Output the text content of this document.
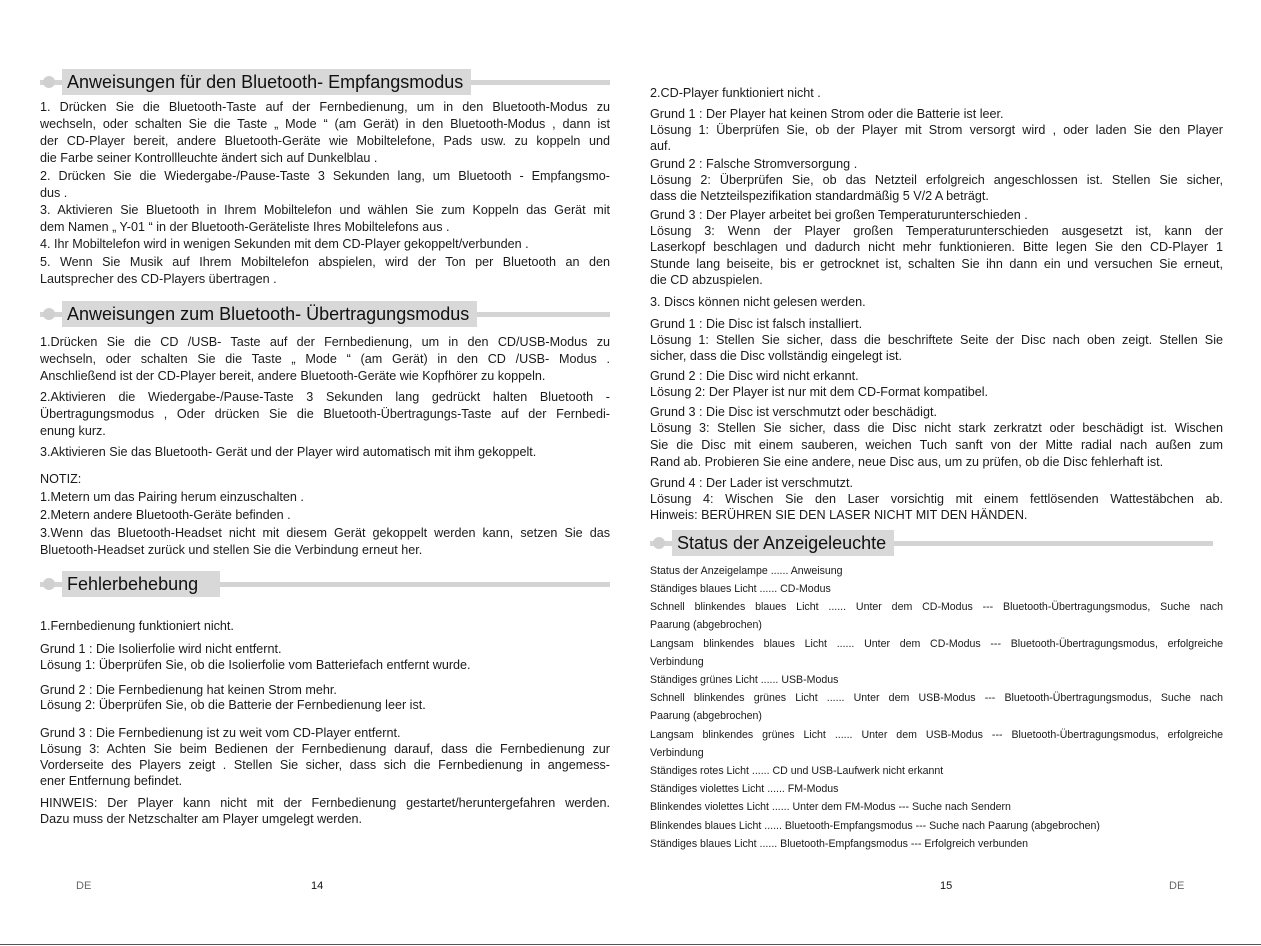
Anweisungen für den Bluetooth- Empfangsmodus

1. Drücken Sie die Bluetooth-Taste auf der Fernbedienung, um in den Bluetooth-Modus zu

wechseln, oder schalten Sie die Taste „ Mode “ (am Gerät) in den Bluetooth-Modus , dann ist

der CD-Player bereit, andere Bluetooth-Geräte wie Mobiltelefone, Pads usw. zu koppeln und

die Farbe seiner Kontrollleuchte ändert sich auf Dunkelblau .

2. Drücken Sie die Wiedergabe-/Pause-Taste 3 Sekunden lang, um Bluetooth - Empfangsmo-

dus .

3. Aktivieren Sie Bluetooth in Ihrem Mobiltelefon und wählen Sie zum Koppeln das Gerät mit

dem Namen „ Y-01 “ in der Bluetooth-Geräteliste Ihres Mobiltelefons aus .

4. Ihr Mobiltelefon wird in wenigen Sekunden mit dem CD-Player gekoppelt/verbunden .

5. Wenn Sie Musik auf Ihrem Mobiltelefon abspielen, wird der Ton per Bluetooth an den

Lautsprecher des CD-Players übertragen .

Anweisungen zum Bluetooth- Übertragungsmodus

1.Drücken Sie die CD /USB- Taste auf der Fernbedienung, um in den CD/USB-Modus zu

wechseln, oder schalten Sie die Taste „ Mode “ (am Gerät) in den CD /USB- Modus .

Anschließend ist der CD-Player bereit, andere Bluetooth-Geräte wie Kopfhörer zu koppeln.

2.Aktivieren die Wiedergabe-/Pause-Taste 3 Sekunden lang gedrückt halten Bluetooth -

Übertragungsmodus , Oder drücken Sie die Bluetooth-Übertragungs-Taste auf der Fernbedi-

enung kurz.

3.Aktivieren Sie das Bluetooth- Gerät und der Player wird automatisch mit ihm gekoppelt.

NOTIZ:

1.Metern um das Pairing herum einzuschalten .

2.Metern andere Bluetooth-Geräte befinden .

3.Wenn das Bluetooth-Headset nicht mit diesem Gerät gekoppelt werden kann, setzen Sie das

Bluetooth-Headset zurück und stellen Sie die Verbindung erneut her.

Fehlerbehebung

1.Fernbedienung funktioniert nicht.

Grund 1 : Die Isolierfolie wird nicht entfernt.

Lösung 1: Überprüfen Sie, ob die Isolierfolie vom Batteriefach entfernt wurde.

Grund 2 : Die Fernbedienung hat keinen Strom mehr.

Lösung 2: Überprüfen Sie, ob die Batterie der Fernbedienung leer ist.

Grund 3 : Die Fernbedienung ist zu weit vom CD-Player entfernt.

Lösung 3: Achten Sie beim Bedienen der Fernbedienung darauf, dass die Fernbedienung zur

Vorderseite des Players zeigt . Stellen Sie sicher, dass sich die Fernbedienung in angemess-

ener Entfernung befindet.

HINWEIS: Der Player kann nicht mit der Fernbedienung gestartet/heruntergefahren werden.

Dazu muss der Netzschalter am Player umgelegt werden.

DE	14

2.CD-Player funktioniert nicht .

Grund 1 : Der Player hat keinen Strom oder die Batterie ist leer.

Lösung 1: Überprüfen Sie, ob der Player mit Strom versorgt wird , oder laden Sie den Player

auf.

Grund 2 : Falsche Stromversorgung .

Lösung 2: Überprüfen Sie, ob das Netzteil erfolgreich angeschlossen ist. Stellen Sie sicher,

dass die Netzteilspezifikation standardmäßig 5 V/2 A beträgt.

Grund 3 : Der Player arbeitet bei großen Temperaturunterschieden .

Lösung 3: Wenn der Player großen Temperaturunterschieden ausgesetzt ist, kann der

Laserkopf beschlagen und dadurch nicht mehr funktionieren. Bitte legen Sie den CD-Player 1

Stunde lang beiseite, bis er getrocknet ist, schalten Sie ihn dann ein und versuchen Sie erneut,

die CD abzuspielen.

3. Discs können nicht gelesen werden.

Grund 1 : Die Disc ist falsch installiert.

Lösung 1: Stellen Sie sicher, dass die beschriftete Seite der Disc nach oben zeigt. Stellen Sie

sicher, dass die Disc vollständig eingelegt ist.

Grund 2 : Die Disc wird nicht erkannt.

Lösung 2: Der Player ist nur mit dem CD-Format kompatibel.

Grund 3 : Die Disc ist verschmutzt oder beschädigt.

Lösung 3: Stellen Sie sicher, dass die Disc nicht stark zerkratzt oder beschädigt ist. Wischen

Sie die Disc mit einem sauberen, weichen Tuch sanft von der Mitte radial nach außen zum

Rand ab. Probieren Sie eine andere, neue Disc aus, um zu prüfen, ob die Disc fehlerhaft ist.

Grund 4 : Der Lader ist verschmutzt.

Lösung 4: Wischen Sie den Laser vorsichtig mit einem fettlösenden Wattestäbchen ab.

Hinweis: BERÜHREN SIE DEN LASER NICHT MIT DEN HÄNDEN.

Status der Anzeigeleuchte

Status der Anzeigelampe ...... Anweisung

Ständiges blaues Licht ...... CD-Modus

Schnell blinkendes blaues Licht ...... Unter dem CD-Modus --- Bluetooth-Übertragungsmodus, Suche nach

Paarung (abgebrochen)

Langsam blinkendes blaues Licht ...... Unter dem CD-Modus --- Bluetooth-Übertragungsmodus, erfolgreiche

Verbindung

Ständiges grünes Licht ...... USB-Modus

Schnell blinkendes grünes Licht ...... Unter dem USB-Modus --- Bluetooth-Übertragungsmodus, Suche nach

Paarung (abgebrochen)

Langsam blinkendes grünes Licht ...... Unter dem USB-Modus --- Bluetooth-Übertragungsmodus, erfolgreiche

Verbindung

Ständiges rotes Licht ...... CD und USB-Laufwerk nicht erkannt

Ständiges violettes Licht ...... FM-Modus

Blinkendes violettes Licht ...... Unter dem FM-Modus --- Suche nach Sendern

Blinkendes blaues Licht ...... Bluetooth-Empfangsmodus --- Suche nach Paarung (abgebrochen)

Ständiges blaues Licht ...... Bluetooth-Empfangsmodus --- Erfolgreich verbunden

15	DE
